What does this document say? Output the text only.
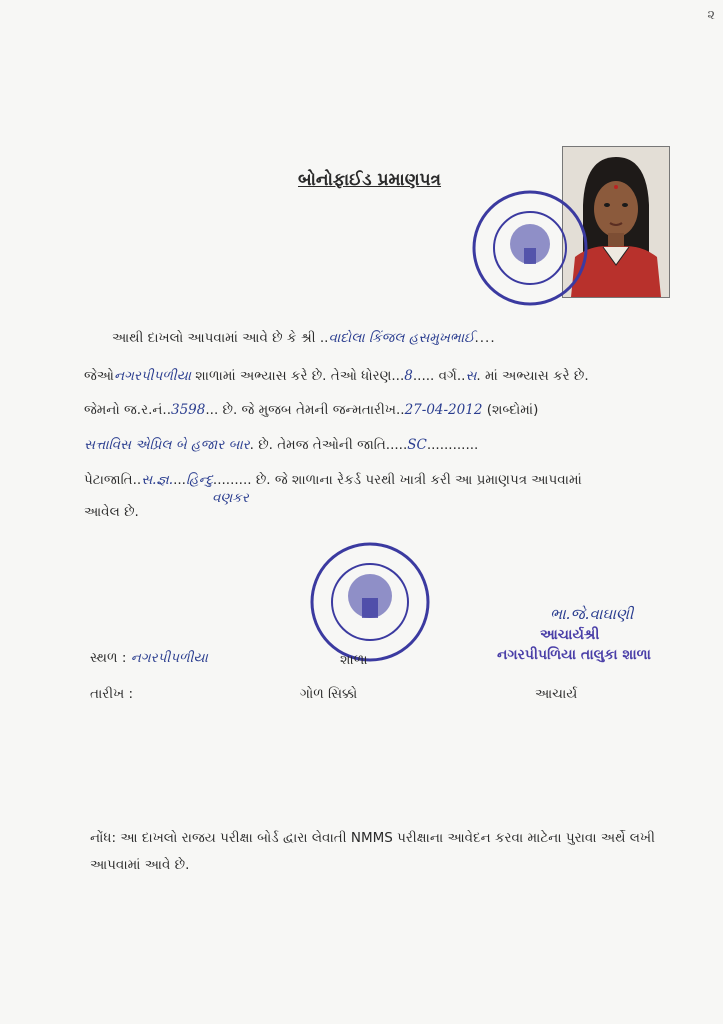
૨
બોનોફાઈડ પ્રમાણપત્ર
આથી દાખલો આપવામાં આવે છે કે શ્રી ..વાદોલા કિંજલ હસમુખભાઈ....
જેઓનગરપીપળીયા શાળામાં અભ્યાસ કરે છે. તેઓ ધોરણ...8..... વર્ગ..સ. માં અભ્યાસ કરે છે.
જેમનો જ.ર.નં..3598... છે. જે મુજબ તેમની જન્મતારીખ..27-04-2012 (શબ્દોમાં)
સત્તાવિસ એપ્રિલ બે હજાર બાર. છે. તેમજ તેઓની જાતિ.....SC............
પેટાજાતિ..સ.જ્ઞ....હિન્દુ......... છે. જે શાળાના રેકર્ડ પરથી ખાત્રી કરી આ પ્રમાણપત્ર આપવામાં
વણકર
આવેલ છે.
સ્થળ : નગરપીપળીયા	શાળા
તારીખ :	ગોળ સિક્કો	આચાર્ય
ભા.જે.વાઘાણી
આચાર્યશ્રી
નગરપીપળિયા તાલુકા શાળા
નોંધ: આ દાખલો રાજય પરીક્ષા બોર્ડ દ્વારા લેવાતી NMMS પરીક્ષાના આવેદન કરવા માટેના પુરાવા અર્થે લખી આપવામાં આવે છે.
